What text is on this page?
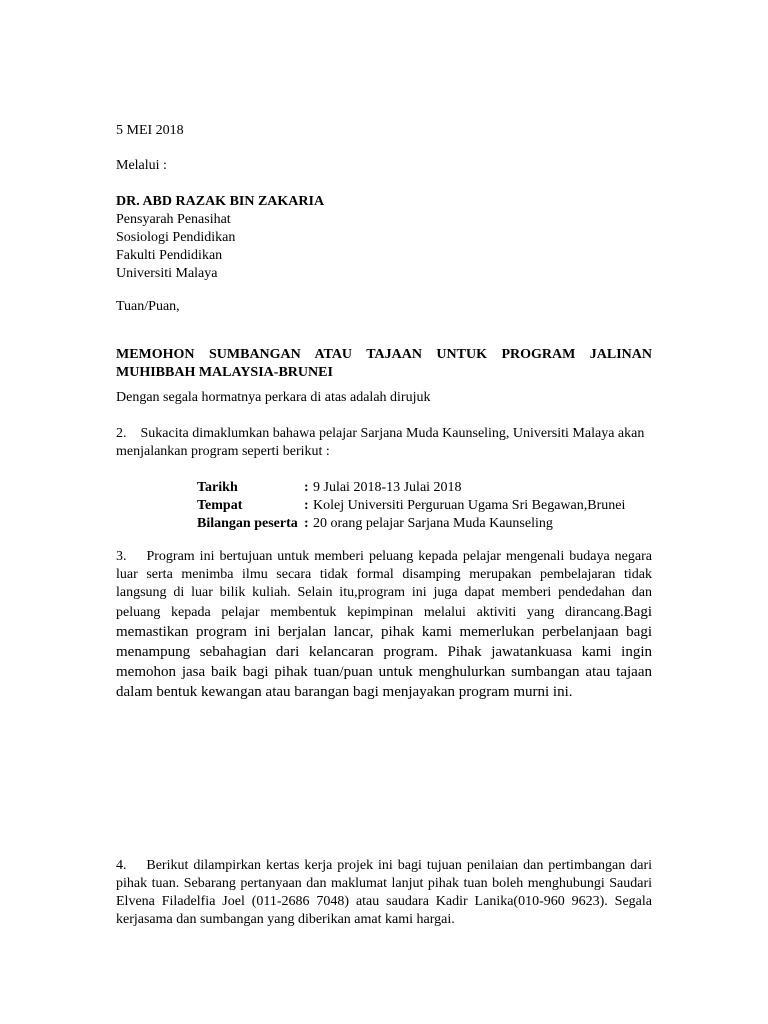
5 MEI 2018

Melalui :

DR. ABD RAZAK BIN ZAKARIA
Pensyarah Penasihat
Sosiologi Pendidikan
Fakulti Pendidikan
Universiti Malaya

Tuan/Puan,

MEMOHON SUMBANGAN ATAU TAJAAN UNTUK PROGRAM JALINAN
MUHIBBAH MALAYSIA-BRUNEI

Dengan segala hormatnya perkara di atas adalah dirujuk

2.    Sukacita dimaklumkan bahawa pelajar Sarjana Muda Kaunseling, Universiti Malaya akan
menjalankan program seperti berikut :
Tarikh	:	9 Julai 2018-13 Julai 2018
Tempat	:	Kolej Universiti Perguruan Ugama Sri Begawan,Brunei
Bilangan peserta	:	20 orang pelajar Sarjana Muda Kaunseling
3.    Program ini bertujuan untuk memberi peluang kepada pelajar mengenali budaya negara
luar serta menimba ilmu secara tidak formal disamping merupakan pembelajaran tidak
langsung di luar bilik kuliah. Selain itu,program ini juga dapat memberi pendedahan dan
peluang kepada pelajar membentuk kepimpinan melalui aktiviti yang dirancang.Bagi
memastikan program ini berjalan lancar, pihak kami memerlukan perbelanjaan bagi
menampung sebahagian dari kelancaran program. Pihak jawatankuasa kami ingin
memohon jasa baik bagi pihak tuan/puan untuk menghulurkan sumbangan atau tajaan
dalam bentuk kewangan atau barangan bagi menjayakan program murni ini.
4.    Berikut dilampirkan kertas kerja projek ini bagi tujuan penilaian dan pertimbangan dari
pihak tuan. Sebarang pertanyaan dan maklumat lanjut pihak tuan boleh menghubungi Saudari
Elvena Filadelfia Joel (011-2686 7048) atau saudara Kadir Lanika(010-960 9623). Segala
kerjasama dan sumbangan yang diberikan amat kami hargai.
